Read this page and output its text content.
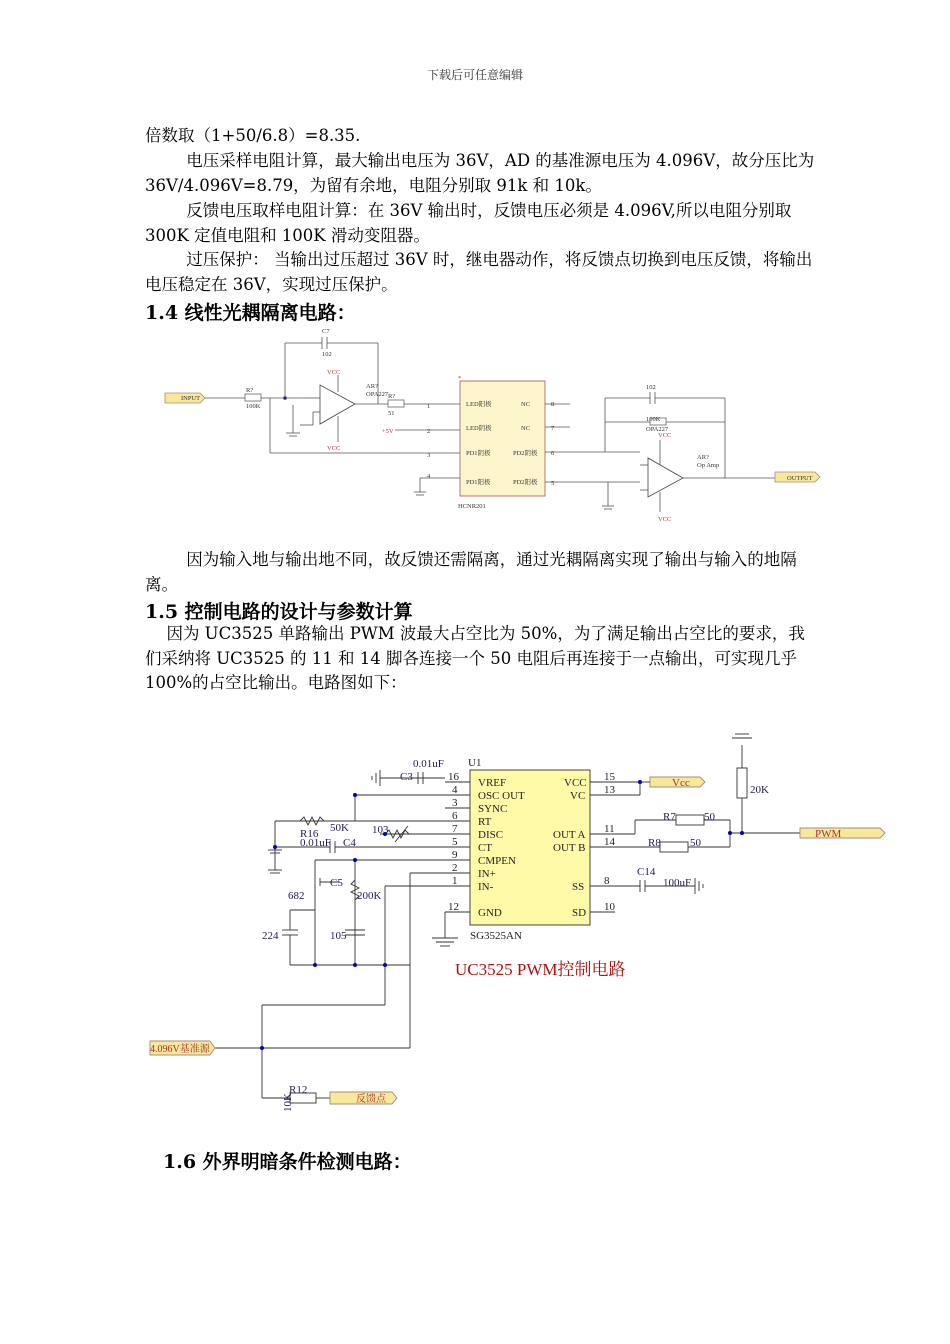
下载后可任意编辑

倍数取（1+50/6.8）=8.35.

电压采样电阻计算，最大输出电压为 36V，AD 的基准源电压为 4.096V，故分压比为 36V/4.096V=8.79，为留有余地，电阻分别取 91k 和 10k。

反馈电压取样电阻计算：在 36V 输出时，反馈电压必须是 4.096V,所以电阻分别取 300K 定值电阻和 100K 滑动变阻器。

过压保护： 当输出过压超过 36V 时，继电器动作，将反馈点切换到电压反馈，将输出电压稳定在 36V，实现过压保护。

1.4 线性光耦隔离电路：

因为输入地与输出地不同，故反馈还需隔离，通过光耦隔离实现了输出与输入的地隔离。

1.5 控制电路的设计与参数计算

因为 UC3525 单路输出 PWM 波最大占空比为 50%，为了满足输出占空比的要求，我们采纳将 UC3525 的 11 和 14 脚各连接一个 50 电阻后再连接于一点输出，可实现几乎 100%的占空比输出。电路图如下：

1.6 外界明暗条件检测电路：
INPUT
OUTPUT
C7
102
R?
100K
VCC
VCC
AR?
OPA227 R?
51
+5V
*
LED阳极
LED阴极
PD1阴极
PD1阳极
NC
NC
PD2阴极
PD2阳极
HCNR201
102
100K
OPA227
VCC
VCC
AR?
Op Amp
1
2
3
4
5
6
7
8
U1
SG3525AN
VREF
OSC OUT
SYNC
RT
DISC
CT
CMPEN
IN+
IN-
GND
16
4
3
6
7
5
9
2
1
12
VCC
VC
OUT A
OUT B
SS
SD
15
13
11
14
8
10
C3
0.01uF
R16 50K
C4
0.01uF
103
C5
200K
682
224	105
Vcc
20K
R7	50
R8	50
PWM
C14
100uF
R12
10K
4.096V基准源
反馈点
UC3525 PWM控制电路
